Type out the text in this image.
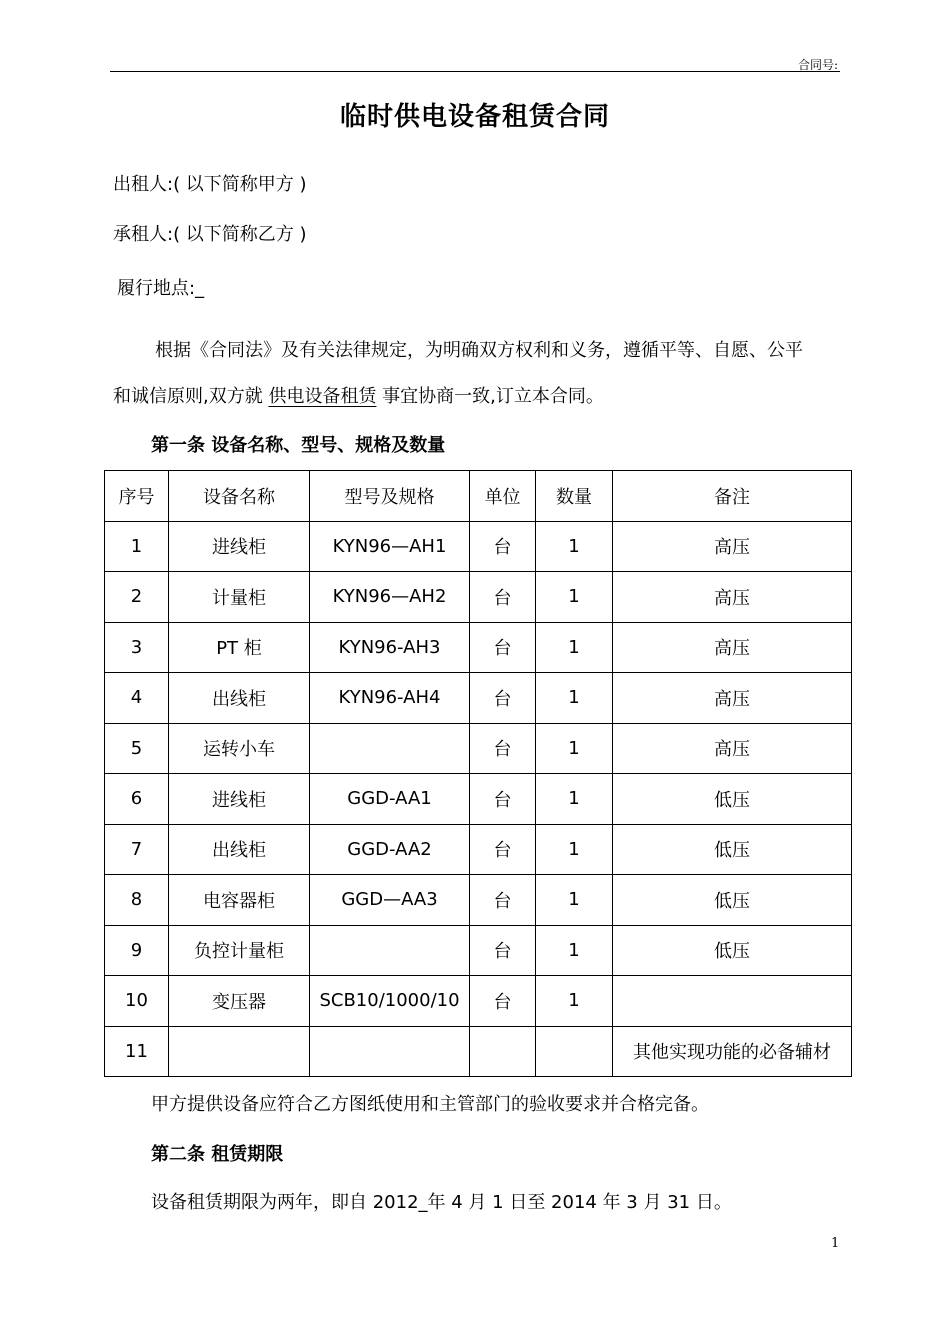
合同号:
临时供电设备租赁合同
出租人:( 以下简称甲方 )
承租人:( 以下简称乙方 )
履行地点:_
根据《合同法》及有关法律规定，为明确双方权利和义务，遵循平等、自愿、公平
和诚信原则,双方就 供电设备租赁 事宜协商一致,订立本合同。
第一条 设备名称、型号、规格及数量
序号	设备名称	型号及规格	单位	数量	备注
1	进线柜	KYN96—AH1	台	1	高压
2	计量柜	KYN96—AH2	台	1	高压
3	PT 柜	KYN96-AH3	台	1	高压
4	出线柜	KYN96-AH4	台	1	高压
5	运转小车		台	1	高压
6	进线柜	GGD-AA1	台	1	低压
7	出线柜	GGD-AA2	台	1	低压
8	电容器柜	GGD—AA3	台	1	低压
9	负控计量柜		台	1	低压
10	变压器	SCB10/1000/10	台	1	
11					其他实现功能的必备辅材
甲方提供设备应符合乙方图纸使用和主管部门的验收要求并合格完备。
第二条 租赁期限
设备租赁期限为两年，即自 2012_年 4 月 1 日至 2014 年 3 月 31 日。
1
